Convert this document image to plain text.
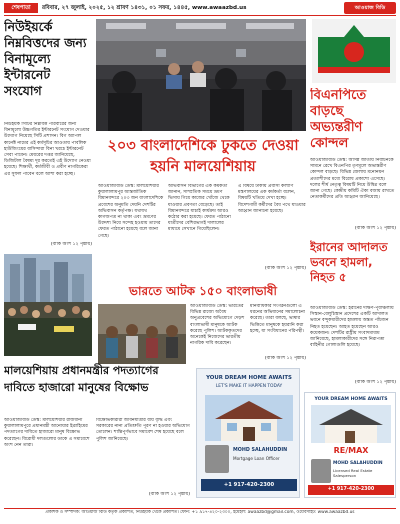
শেষপাতা	রবিবার, ২৭ জুলাই, ২০২৫, ১২ শ্রাবণ ১৪৩১, ০১ সফর, ১৪৪৫, www.awaazbd.us	আওয়াজ বিডি
নিউইয়র্কে নিম্নবিত্তদের জন্য বিনামূল্যে ইন্টারনেট সংযোগ
নিউইয়র্ক সিটির নিম্নবিত্ত পরিবারের জন্য বিনামূল্যে উচ্চগতির ইন্টারনেট সংযোগ দেওয়ার উদ্যোগ নিয়েছে সিটি প্রশাসন। বিগ অ্যাপল কানেক্ট নামের এই কর্মসূচির আওতায় পাবলিক হাউজিংয়ের বাসিন্দারা বিনা খরচে ইন্টারনেট সেবা পাবেন। মেয়রের দপ্তর জানিয়েছে, ডিজিটাল বৈষম্য দূর করতেই এই উদ্যোগ নেওয়া হয়েছে। শিক্ষার্থী, কর্মজীবী ও প্রবীণ নাগরিকেরা এর সুফল পাবেন বলে আশা করা হচ্ছে।
(বাকি অংশ ১২ পৃষ্ঠায়)
বিএনপিতে বাড়ছে অভ্যন্তরীণ কোন্দল
আওয়াজবিডি ডেস্ক: আসন্ন জাতীয় নির্বাচনকে সামনে রেখে বিএনপির তৃণমূলে অভ্যন্তরীণ কোন্দল বাড়ছে। বিভিন্ন জেলায় মনোনয়ন প্রত্যাশীদের মধ্যে বিরোধ প্রকাশ্যে এসেছে। দলের শীর্ষ নেতৃত্ব বিষয়টি নিয়ে উদ্বিগ্ন বলে জানা গেছে। কেন্দ্রীয় কমিটি ঐক্য বজায় রাখতে নেতাকর্মীদের প্রতি আহ্বান জানিয়েছে।
(বাকি অংশ ১২ পৃষ্ঠায়)
২০৩ বাংলাদেশিকে ঢুকতে দেওয়া হয়নি মালয়েশিয়ায়
আওয়াজবিডি ডেস্ক: মালয়েশিয়ার কুয়ালালামপুর আন্তর্জাতিক বিমানবন্দরে ২০৩ জন বাংলাদেশিকে প্রবেশের অনুমতি দেয়নি দেশটির অভিবাসন কর্তৃপক্ষ। যথাযথ কাগজপত্র না থাকা এবং ভ্রমণের উদ্দেশ্য নিয়ে সন্দেহ হওয়ায় তাদের ফেরত পাঠানো হয়েছে বলে জানা গেছে।
অভিবাসন বিভাগের এক কর্মকর্তা জানান, সাম্প্রতিক সময়ে ভ্রমণ ভিসায় গিয়ে কাজের খোঁজে থেকে যাওয়ার প্রবণতা বেড়েছে। তাই বিমানবন্দরে যাচাই কার্যক্রম আরও কঠোর করা হয়েছে। ফেরত পাঠানো যাত্রীদের বেশিরভাগই দালালের মাধ্যমে সেখানে গিয়েছিলেন।
এ বিষয়ে ঢাকায় প্রবাসী কল্যাণ মন্ত্রণালয়ের এক কর্মকর্তা বলেন, বিষয়টি খতিয়ে দেখা হচ্ছে। বিদেশগামী কর্মীদের বৈধ পথে যাওয়ার আহ্বান জানানো হয়েছে।
(বাকি অংশ ১২ পৃষ্ঠায়)
ইরানের আদালত ভবনে হামলা, নিহত ৫
আওয়াজবিডি ডেস্ক: ইরানের দক্ষিণ-পূর্বাঞ্চলীয় সিস্তান-বেলুচিস্তান প্রদেশের একটি আদালত ভবনে বন্দুকধারীদের হামলায় অন্তত পাঁচজন নিহত হয়েছেন। আহত হয়েছেন আরও কয়েকজন। দেশটির রাষ্ট্রীয় সংবাদমাধ্যম জানিয়েছে, হামলাকারীদের সঙ্গে নিরাপত্তা বাহিনীর গোলাগুলি হয়েছে।
(বাকি অংশ ১২ পৃষ্ঠায়)
ভারতে আটক ১৫০ বাংলাভাষী
আওয়াজবিডি ডেস্ক: ভারতের বিভিন্ন রাজ্যে অবৈধ অনুপ্রবেশের অভিযোগে দেড়শ বাংলাভাষী মানুষকে আটক করেছে পুলিশ। আটককৃতদের অনেকেই নিজেদের ভারতীয় নাগরিক দাবি করেছেন।
মানবাধিকার সংগঠনগুলো এ ধরনের অভিযানের সমালোচনা করেছে। তারা বলছে, ভাষার ভিত্তিতে মানুষকে হয়রানি করা হচ্ছে, যা সংবিধানের পরিপন্থী।
(বাকি অংশ ১২ পৃষ্ঠায়)
মালয়েশিয়ায় প্রধানমন্ত্রীর পদত্যাগের দাবিতে হাজারো মানুষের বিক্ষোভ
আওয়াজবিডি ডেস্ক: মালয়েশিয়ার রাজধানী কুয়ালালামপুরে প্রধানমন্ত্রী আনোয়ার ইব্রাহিমের পদত্যাগের দাবিতে হাজারো মানুষ বিক্ষোভ করেছেন। বিরোধী দলগুলোর ডাকে এ সমাবেশে অংশ নেন তারা।
বিক্ষোভকারীরা জীবনযাত্রার ব্যয় বৃদ্ধি এবং সরকারের নানা প্রতিশ্রুতি পূরণ না হওয়ার অভিযোগ তোলেন। শান্তিপূর্ণভাবে সমাবেশ শেষ হয়েছে বলে পুলিশ জানিয়েছে।
(বাকি অংশ ১২ পৃষ্ঠায়)
YOUR DREAM HOME AWAITS
LET'S MAKE IT HAPPEN TODAY
MOHD SALAHUDDIN
Mortgage Loan Officer
+1 917-420-2300
YOUR DREAM HOME AWAITS
RE/MAX
MOHD SALAHUDDIN
Licensed Real Estate Salesperson
+1 917-420-2300
প্রকাশক ও সম্পাদক: আওয়াজ বিডি কর্তৃক প্রকাশিত, নিউইয়র্ক থেকে প্রকাশিত। ফোন: +১ ৯১৭-৪২০-২৩০০, ইমেইল: awaazbd@gmail.com, ওয়েবসাইট: www.awaazbd.us
